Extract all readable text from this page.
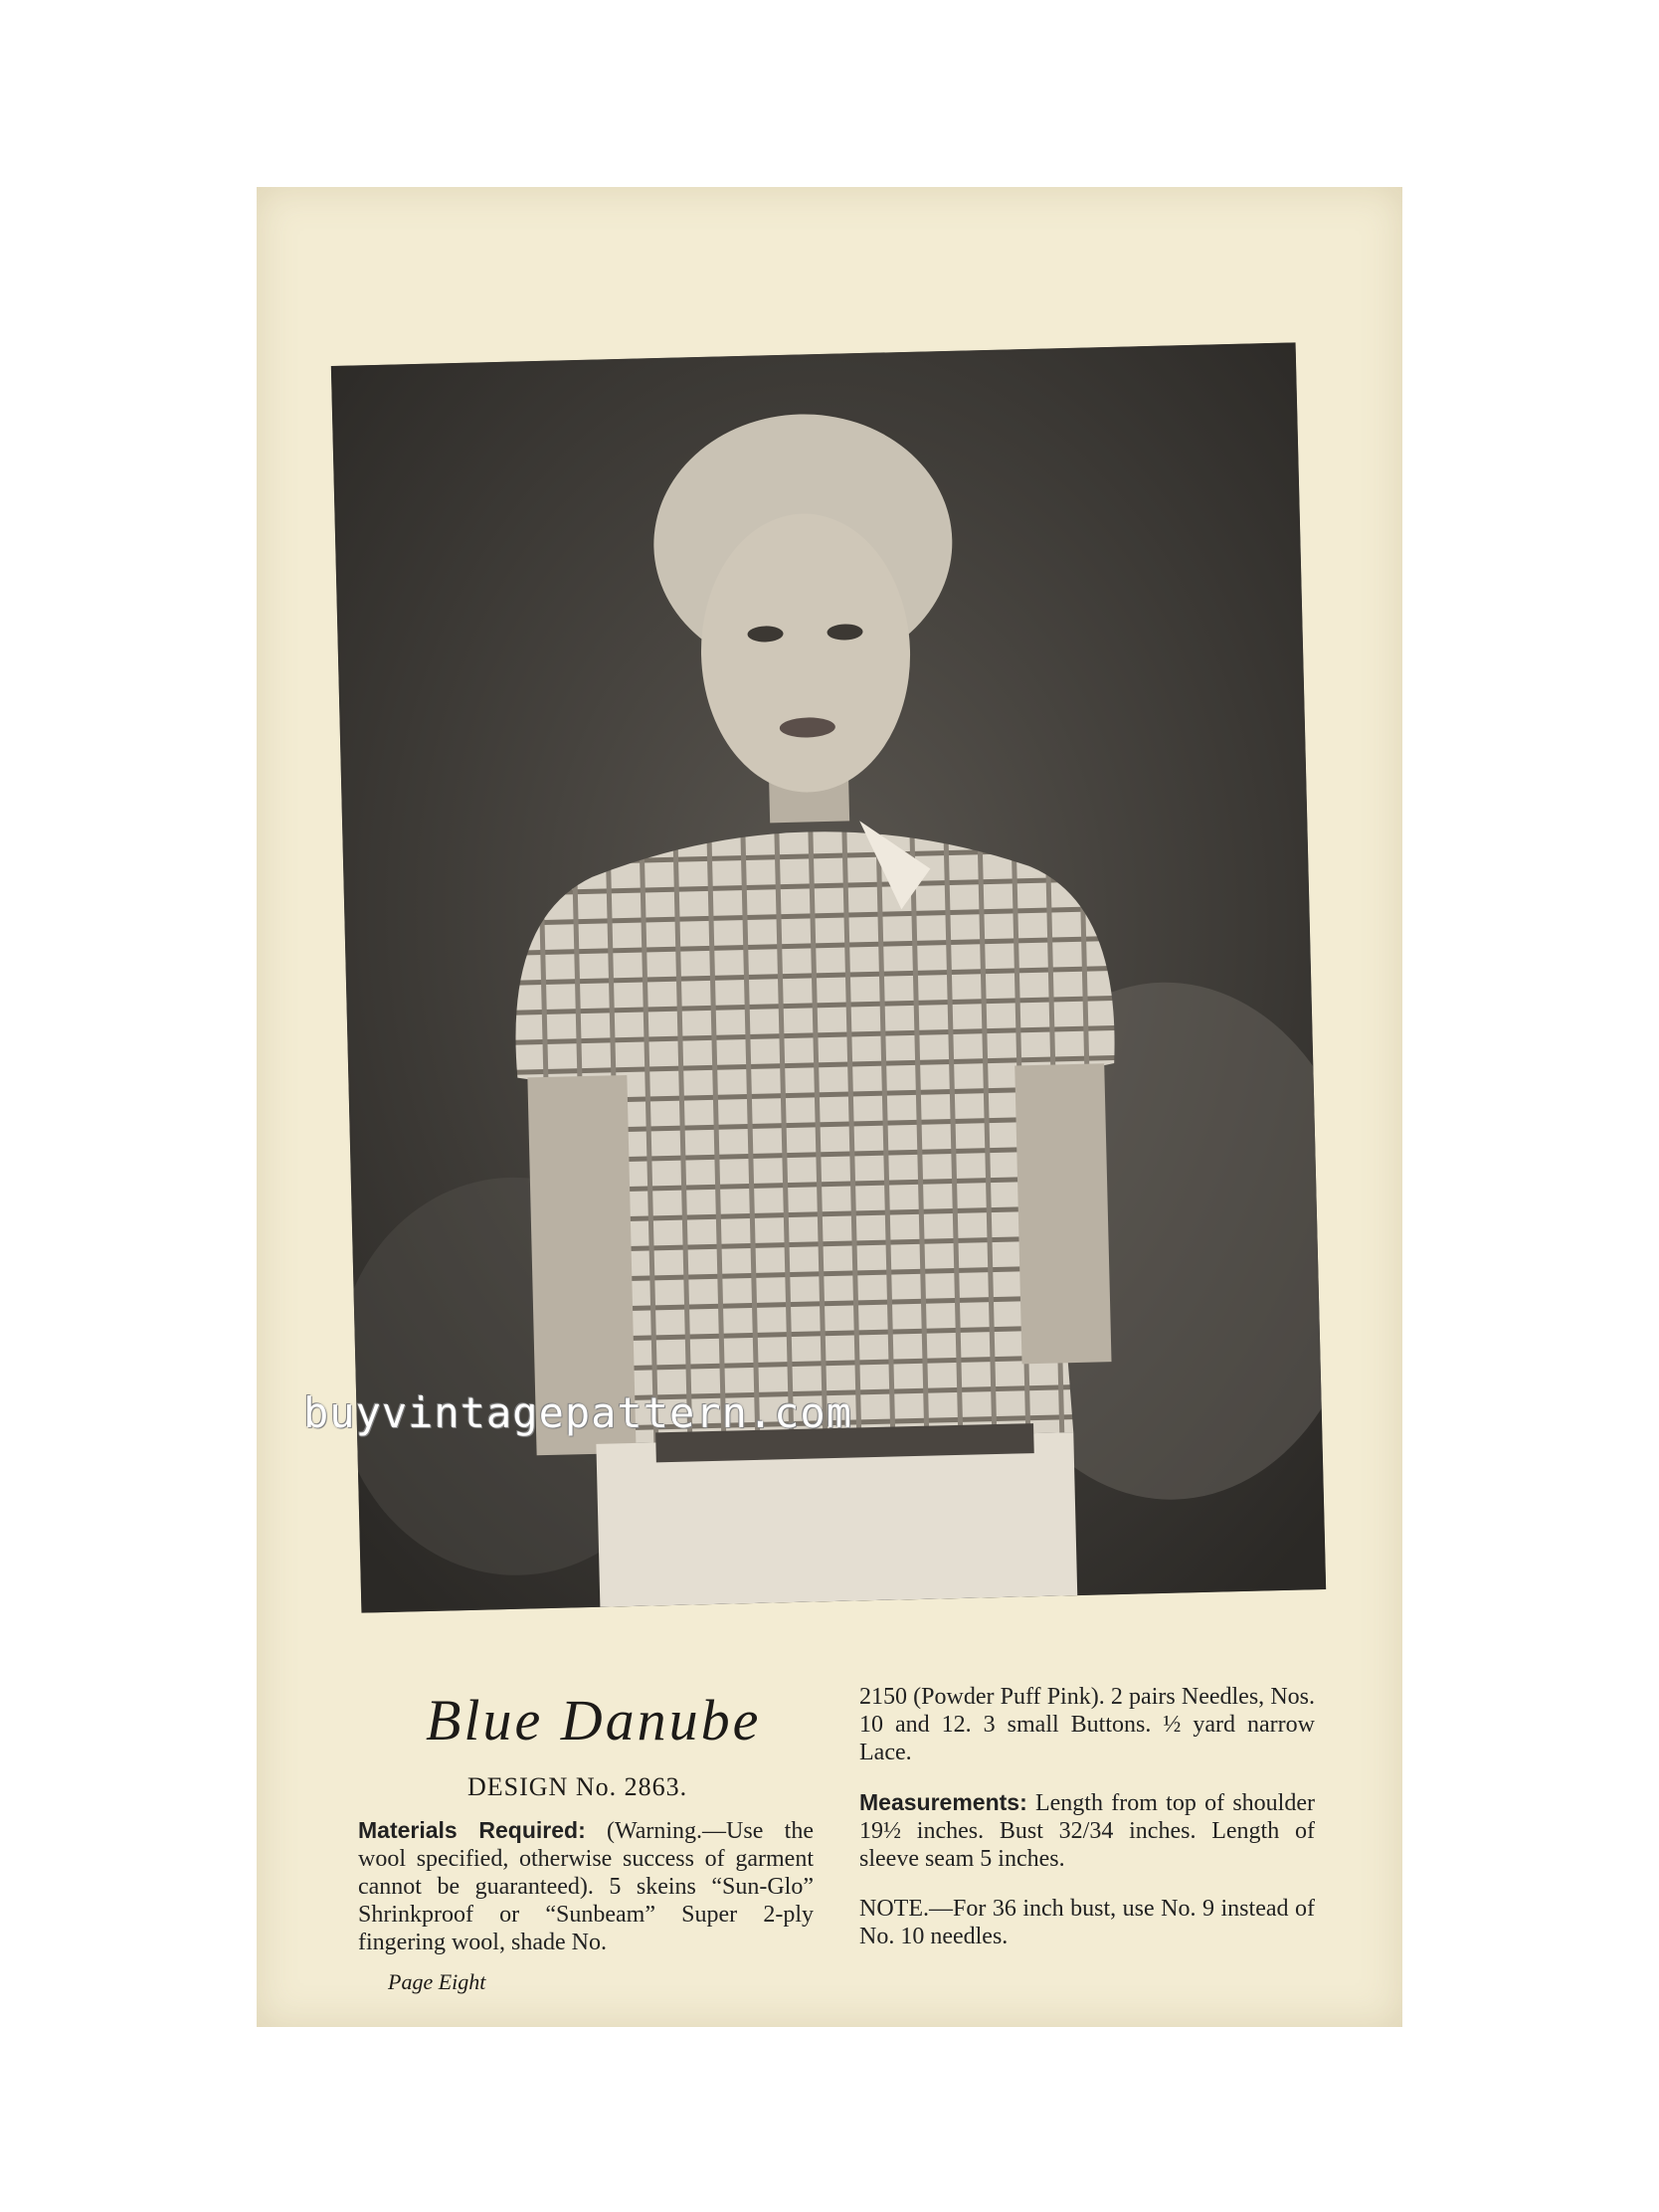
buyvintagepattern.com
Blue Danube
DESIGN No. 2863.
Materials Required: (Warning.—Use the wool specified, otherwise success of garment cannot be guaranteed). 5 skeins “Sun-Glo” Shrinkproof or “Sunbeam” Super 2-ply fingering wool, shade No.

2150 (Powder Puff Pink). 2 pairs Needles, Nos. 10 and 12. 3 small Buttons. ½ yard narrow Lace.

Measurements: Length from top of shoulder 19½ inches. Bust 32/34 inches. Length of sleeve seam 5 inches.

NOTE.—For 36 inch bust, use No. 9 instead of No. 10 needles.

Page Eight
